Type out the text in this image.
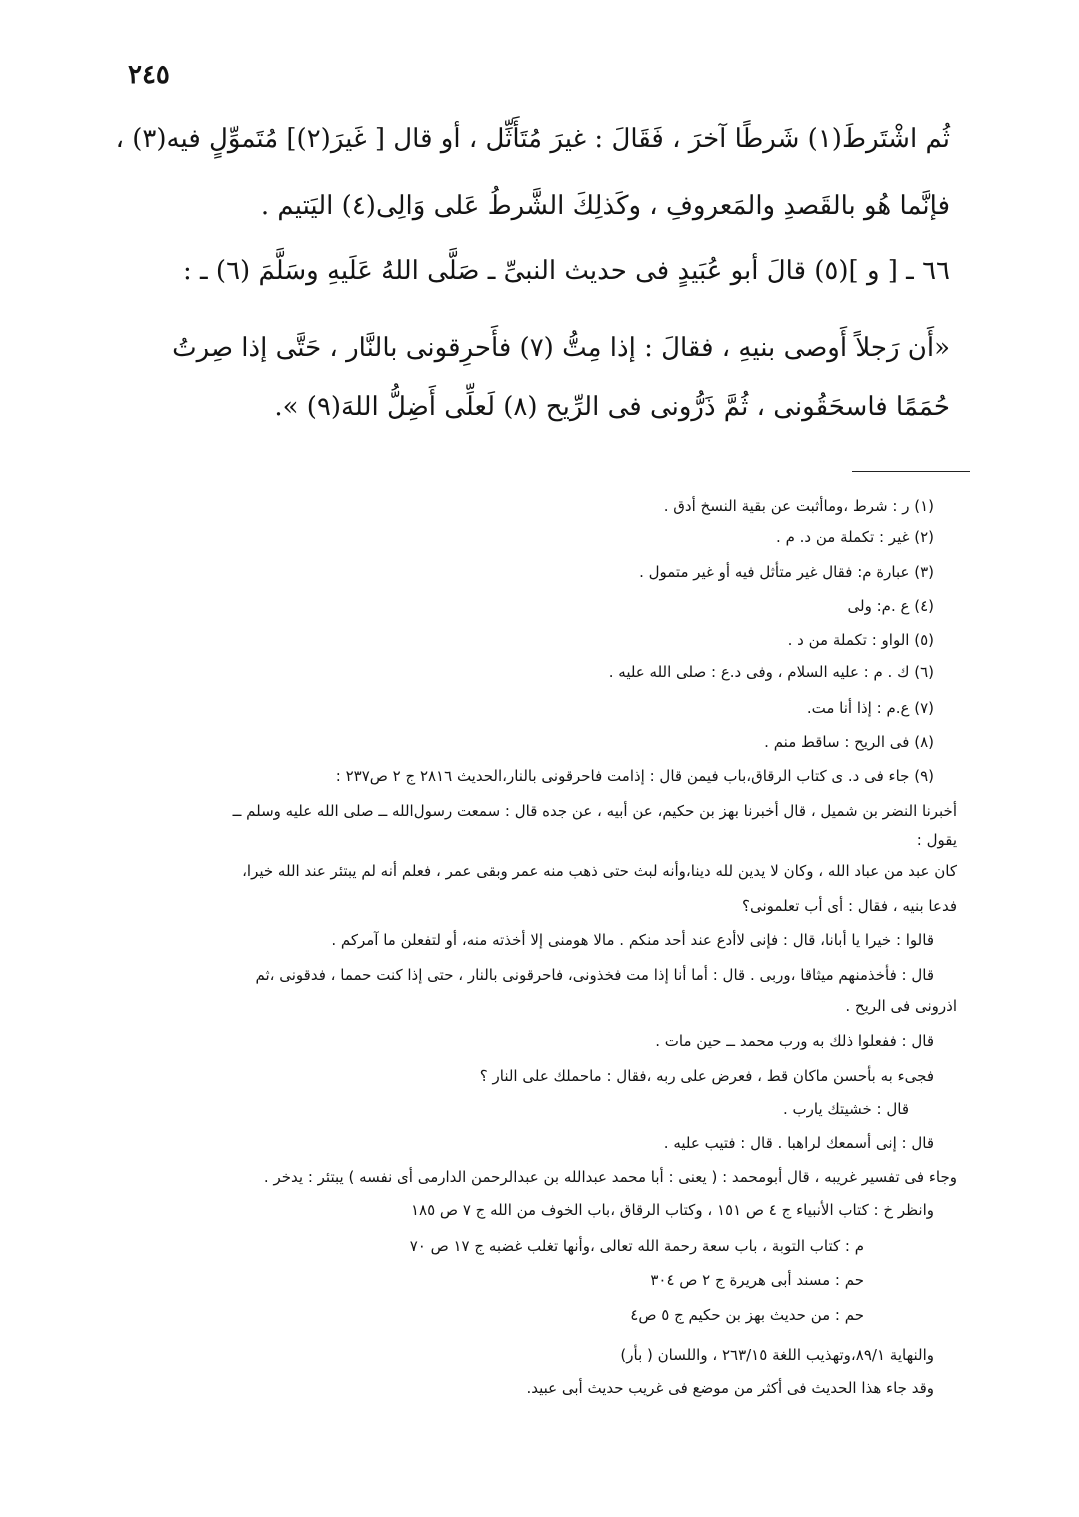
٢٤٥
ثُم اشْتَرطَ(١) شَرطًا آخرَ ، فَقَالَ : غيرَ مُتَأَثِّل ، أو قال [ غَيرَ(٢)] مُتَموِّلٍ فيه(٣) ،
فإنَّما هُو بالقَصدِ والمَعروفِ ، وكَذلِكَ الشَّرطُ عَلى وَالِى(٤) اليَتيم .
٦٦ ـ [ و ](٥) قالَ أبو عُبَيدٍ فى حديث النبىِّ ـ صَلَّى اللهُ عَلَيهِ وسَلَّمَ (٦) ـ :
«أَن رَجلاً أَوصى بنيهِ ، فقالَ : إذا مِتُّ (٧) فأَحرِقونى بالنَّار ، حَتَّى إذا صِرتُ
حُمَمًا فاسحَقُونى ، ثُمَّ ذَرُّونى فى الرِّيح (٨) لَعلِّى أَضِلُّ اللهَ(٩) ».
(١) ر : شرط ،وماأثبت عن بقية النسخ أدق .
(٢) غير : تكملة من د. م .
(٣) عبارة م: فقال غير متأثل فيه أو غير متمول .
(٤) ع .م: ولى
(٥) الواو : تكملة من د .
(٦) ك . م : عليه السلام ، وفى د.ع : صلى الله عليه .
(٧) ع.م : إذا أنا مت.
(٨) فى الريح : ساقط منم .
(٩) جاء فى د. ى كتاب الرقاق،باب فيمن قال : إذامت فاحرقونى بالنار،الحديث ٢٨١٦ ج ٢ ص٢٣٧ :
أخبرنا النضر بن شميل ، قال أخبرنا بهز بن حكيم، عن أبيه ، عن جده قال : سمعت رسول‌الله ــ صلى الله عليه وسلم ــ
يقول :
كان عبد من عباد الله ، وكان لا يدين لله دينا،وأنه لبث حتى ذهب منه عمر وبقى عمر ، فعلم أنه لم يبتئر عند الله خيرا،
فدعا بنيه ، فقال : أى أب تعلمونى؟
قالوا : خيرا يا أبانا، قال : فإنى لاأدع عند أحد منكم . مالا هومنى إلا أخذته منه، أو لتفعلن ما آمركم .
قال : فأخذمنهم ميثاقا ،وربى . قال : أما أنا إذا مت فخذونى، فاحرقونى بالنار ، حتى إذا كنت حمما ، فدقونى ،ثم
اذرونى فى الريح .
قال : ففعلوا ذلك به ورب محمد ــ حين مات .
فجىء به بأحسن ماكان قط ، فعرض على ربه ،فقال : ماحملك على النار ؟
قال : خشيتك يارب .
قال : إنى أسمعك لراهبا . قال : فتيب عليه .
وجاء فى تفسير غريبه ، قال أبومحمد : ( يعنى : أبا محمد عبدالله بن عبدالرحمن الدارمى أى نفسه ) يبتئر : يدخر .
وانظر خ : كتاب الأنبياء ج ٤ ص ١٥١ ، وكتاب الرقاق ،باب الخوف من الله ج ٧ ص ١٨٥
م : كتاب التوبة ، باب سعة رحمة الله تعالى ،وأنها تغلب غضبه ج ١٧ ص ٧٠
حم : مسند أبى هريرة ج ٢ ص ٣٠٤
حم : من حديث بهز بن حكيم ج ٥ ص٤
والنهاية ٨٩/١،وتهذيب اللغة ٢٦٣/١٥ ، واللسان ( بأر)
وقد جاء هذا الحديث فى أكثر من موضع فى غريب حديث أبى عبيد.
